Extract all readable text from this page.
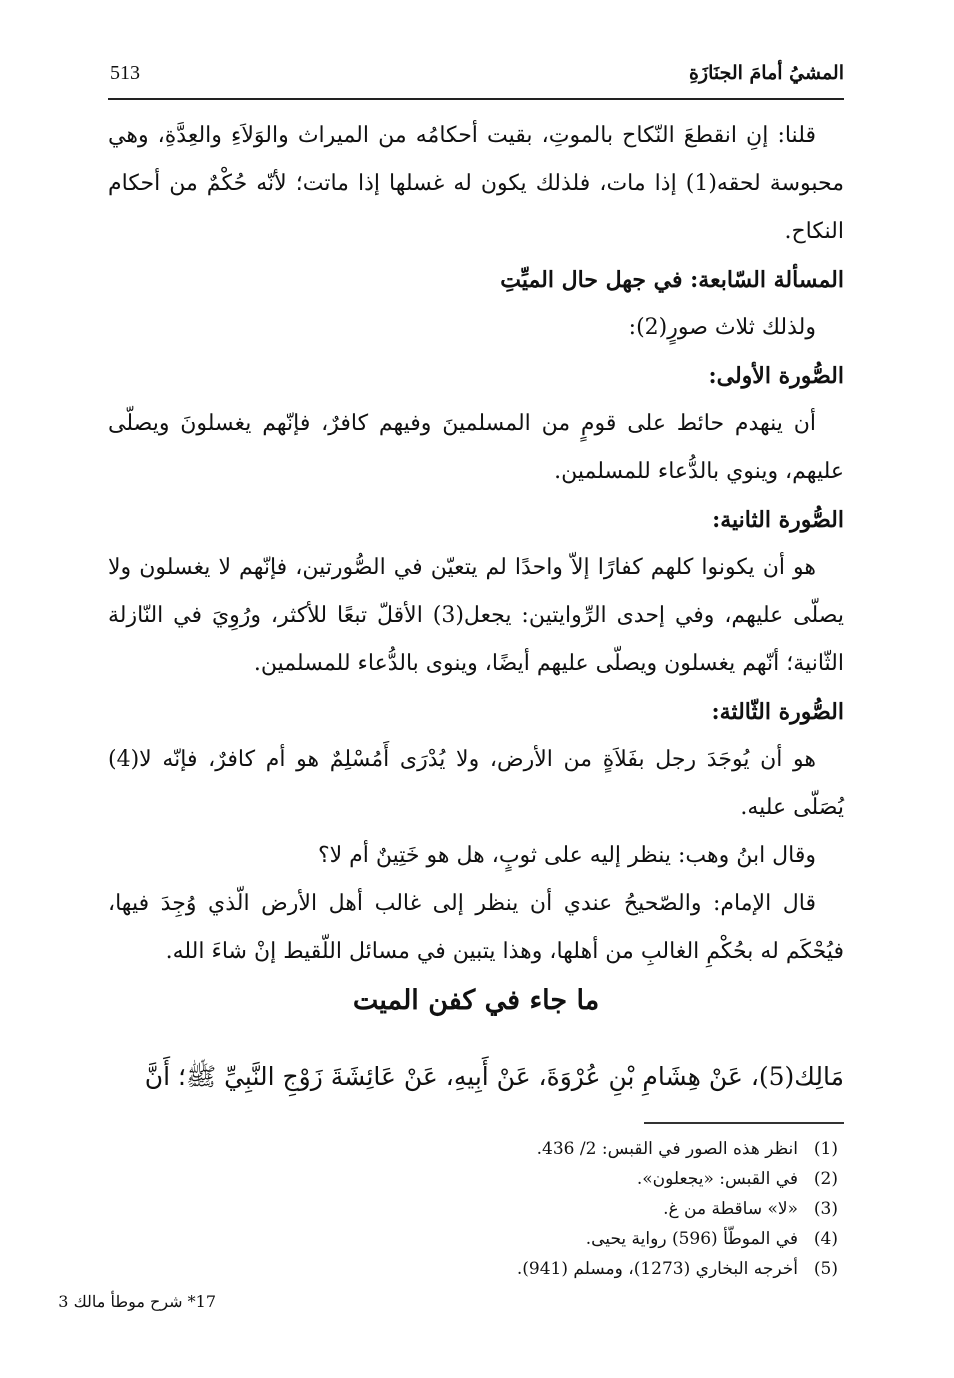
المشيُ أمامَ الجنَازَةِ
513

قلنا: إنِ انقطعَ النّكاح بالموتِ، بقيت أحكامُه من الميراث والوَلاَءِ والعِدَّةِ، وهي محبوسة لحقه(1) إذا مات، فلذلك يكون له غسلها إذا ماتت؛ لأنّه حُكْمٌ من أحكام النكاح.

المسألة السّابعة: في جهل حال الميِّتِ

ولذلك ثلاث صورٍ(2):

الصُّورة الأولى:

أن ينهدم حائط على قومٍ من المسلمينَ وفيهم كافرٌ، فإنّهم يغسلونَ ويصلّى عليهم، وينوي بالدُّعاء للمسلمين.

الصُّورة الثانية:

هو أن يكونوا كلهم كفارًا إلاّ واحدًا لم يتعيّن في الصُّورتين، فإنّهم لا يغسلون ولا يصلّى عليهم، وفي إحدى الرِّوايتين: يجعل(3) الأقلّ تبعًا للأكثر، ورُوِيَ في النّازلة الثّانية؛ أنّهم يغسلون ويصلّى عليهم أيضًا، وينوى بالدُّعاء للمسلمين.

الصُّورة الثّالثة:

هو أن يُوجَدَ رجل بفَلاَةٍ من الأرض، ولا يُدْرَى أَمُسْلِمٌ هو أم كافرٌ، فإنّه لا(4) يُصَلّى عليه.

وقال ابنُ وهب: ينظر إليه على ثوبٍ، هل هو خَتِينٌ أم لا؟

قال الإمام: والصّحيحُ عندي أن ينظر إلى غالب أهل الأرض الّذي وُجِدَ فيها، فيُحْكَم له بحُكْمِ الغالبِ من أهلها، وهذا يتبين في مسائل اللّقيط إنْ شاءَ الله.

ما جاء في كفن الميت
مَالِك(5)، عَنْ هِشَامِ بْنِ عُرْوَةَ، عَنْ أَبِيهِ، عَنْ عَائِشَةَ زَوْجِ النَّبِيِّ ﷺ؛ أَنَّ
(1)
انظر هذه الصور في القبس: 2/ 436.
(2)
في القبس: «يجعلون».
(3)
«لا» ساقطة من غ.
(4)
في الموطّأ (596) رواية يحيى.
(5)
أخرجه البخاري (1273)، ومسلم (941).
17* شرح موطأ مالك 3
